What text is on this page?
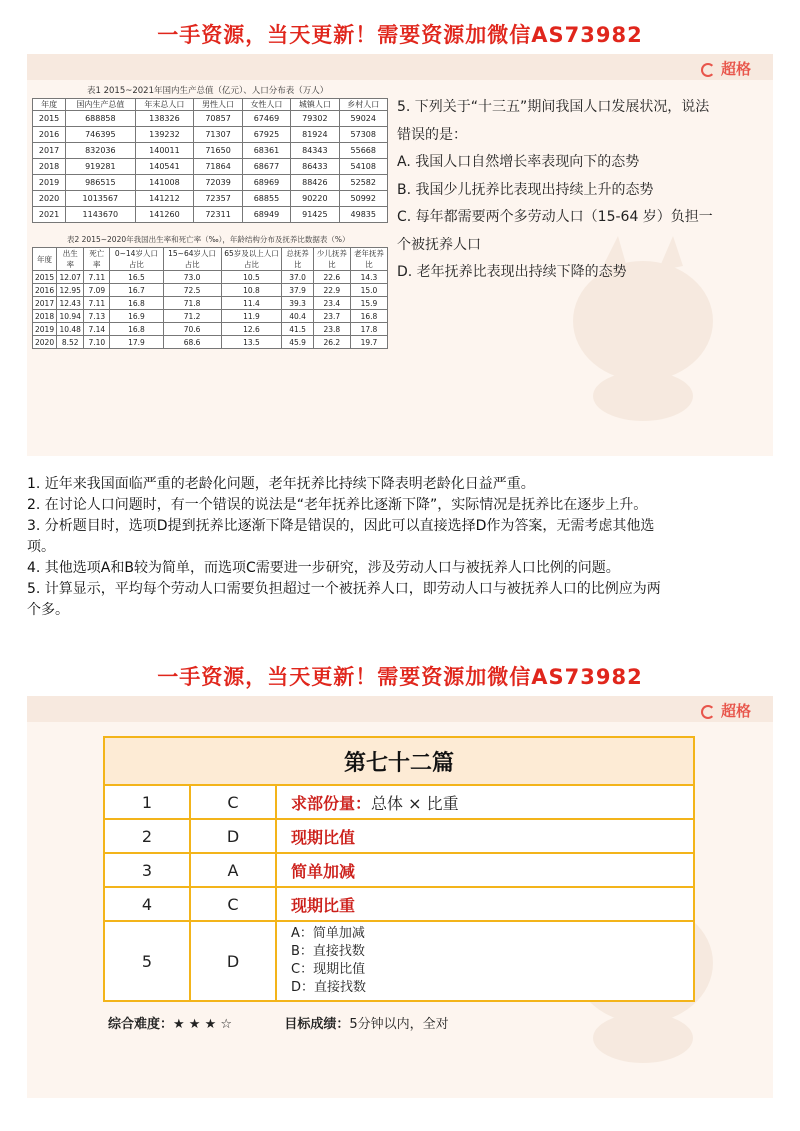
一手资源，当天更新！需要资源加微信AS73982
超格
表1 2015~2021年国内生产总值（亿元）、人口分布表（万人）
年度	国内生产总值	年末总人口	男性人口	女性人口	城镇人口	乡村人口
2015	688858	138326	70857	67469	79302	59024
2016	746395	139232	71307	67925	81924	57308
2017	832036	140011	71650	68361	84343	55668
2018	919281	140541	71864	68677	86433	54108
2019	986515	141008	72039	68969	88426	52582
2020	1013567	141212	72357	68855	90220	50992
2021	1143670	141260	72311	68949	91425	49835
表2 2015~2020年我国出生率和死亡率（‰），年龄结构分布及抚养比数据表（%）
年度	出生率	死亡率	0~14岁人口占比	15~64岁人口占比	65岁及以上人口占比	总抚养比	少儿抚养比	老年抚养比
2015	12.07	7.11	16.5	73.0	10.5	37.0	22.6	14.3
2016	12.95	7.09	16.7	72.5	10.8	37.9	22.9	15.0
2017	12.43	7.11	16.8	71.8	11.4	39.3	23.4	15.9
2018	10.94	7.13	16.9	71.2	11.9	40.4	23.7	16.8
2019	10.48	7.14	16.8	70.6	12.6	41.5	23.8	17.8
2020	8.52	7.10	17.9	68.6	13.5	45.9	26.2	19.7
5. 下列关于“十三五”期间我国人口发展状况，说法
错误的是：
A. 我国人口自然增长率表现向下的态势
B. 我国少儿抚养比表现出持续上升的态势
C. 每年都需要两个多劳动人口（15-64 岁）负担一
个被抚养人口
D. 老年抚养比表现出持续下降的态势
1. 近年来我国面临严重的老龄化问题，老年抚养比持续下降表明老龄化日益严重。
2. 在讨论人口问题时，有一个错误的说法是“老年抚养比逐渐下降”，实际情况是抚养比在逐步上升。
3. 分析题目时，选项D提到抚养比逐渐下降是错误的，因此可以直接选择D作为答案，无需考虑其他选
项。
4. 其他选项A和B较为简单，而选项C需要进一步研究，涉及劳动人口与被抚养人口比例的问题。
5. 计算显示，平均每个劳动人口需要负担超过一个被抚养人口，即劳动人口与被抚养人口的比例应为两
个多。
一手资源，当天更新！需要资源加微信AS73982
超格
第七十二篇		
1	C	求部份量：总体 × 比重
2	D	现期比值
3	A	简单加减
4	C	现期比重
5	D	A：简单加减
B：直接找数
C：现期比值
D：直接找数
综合难度：★ ★ ★ ☆	目标成绩：5分钟以内，全对
